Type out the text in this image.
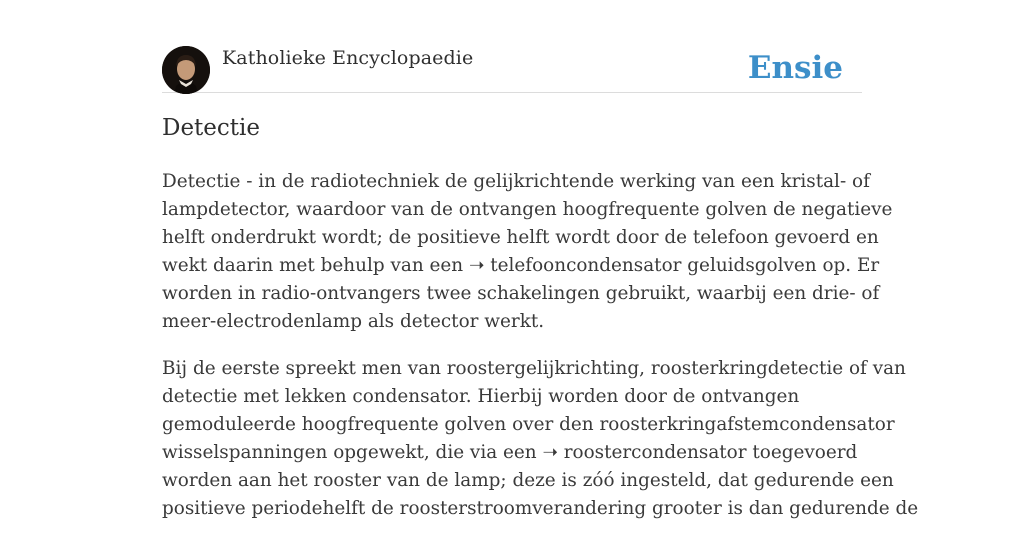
Katholieke Encyclopaedie	Ensie
Detectie

Detectie - in de radiotechniek de gelijkrichtende werking van een kristal- of
lampdetector, waardoor van de ontvangen hoogfrequente golven de negatieve
helft onderdrukt wordt; de positieve helft wordt door de telefoon gevoerd en
wekt daarin met behulp van een ➝ telefooncondensator geluidsgolven op. Er
worden in radio-ontvangers twee schakelingen gebruikt, waarbij een drie- of
meer-electrodenlamp als detector werkt.

Bij de eerste spreekt men van roostergelijkrichting, roosterkringdetectie of van
detectie met lekken condensator. Hierbij worden door de ontvangen
gemoduleerde hoogfrequente golven over den roosterkringafstemcondensator
wisselspanningen opgewekt, die via een ➝ roostercondensator toegevoerd
worden aan het rooster van de lamp; deze is zóó ingesteld, dat gedurende een
positieve periodehelft de roosterstroomverandering grooter is dan gedurende de
